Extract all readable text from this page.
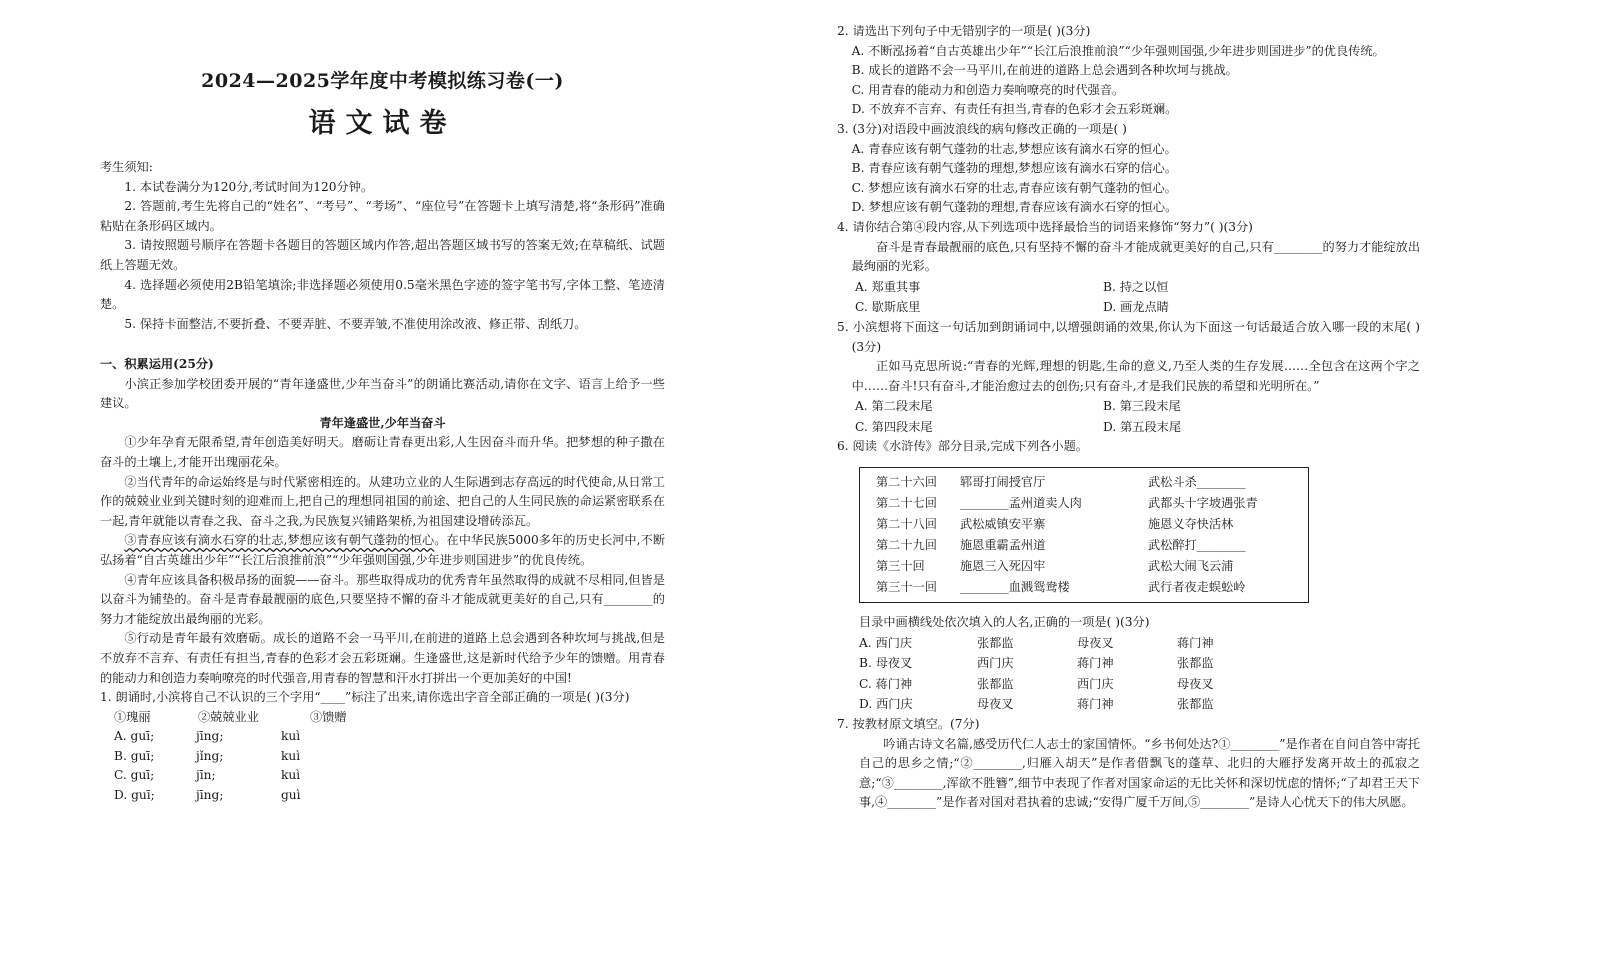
2024—2025学年度中考模拟练习卷(一)
语文试卷

考生须知:

1. 本试卷满分为120分,考试时间为120分钟。

2. 答题前,考生先将自己的“姓名”、“考号”、“考场”、“座位号”在答题卡上填写清楚,将“条形码”准确粘贴在条形码区域内。

3. 请按照题号顺序在答题卡各题目的答题区域内作答,超出答题区域书写的答案无效;在草稿纸、试题纸上答题无效。

4. 选择题必须使用2B铅笔填涂;非选择题必须使用0.5毫米黑色字迹的签字笔书写,字体工整、笔迹清楚。

5. 保持卡面整洁,不要折叠、不要弄脏、不要弄皱,不准使用涂改液、修正带、刮纸刀。

一、积累运用(25分)

小滨正参加学校团委开展的“青年逢盛世,少年当奋斗”的朗诵比赛活动,请你在文字、语言上给予一些建议。

青年逢盛世,少年当奋斗

①少年孕育无限希望,青年创造美好明天。磨砺让青春更出彩,人生因奋斗而升华。把梦想的种子撒在奋斗的土壤上,才能开出瑰丽花朵。

②当代青年的命运始终是与时代紧密相连的。从建功立业的人生际遇到志存高远的时代使命,从日常工作的兢兢业业到关键时刻的迎难而上,把自己的理想同祖国的前途、把自己的人生同民族的命运紧密联系在一起,青年就能以青春之我、奋斗之我,为民族复兴铺路架桥,为祖国建设增砖添瓦。

③青春应该有滴水石穿的壮志,梦想应该有朝气蓬勃的恒心。在中华民族5000多年的历史长河中,不断弘扬着“自古英雄出少年”“长江后浪推前浪”“少年强则国强,少年进步则国进步”的优良传统。

④青年应该具备积极昂扬的面貌——奋斗。那些取得成功的优秀青年虽然取得的成就不尽相同,但皆是以奋斗为铺垫的。奋斗是青春最靓丽的底色,只要坚持不懈的奋斗才能成就更美好的自己,只有________的努力才能绽放出最绚丽的光彩。

⑤行动是青年最有效磨砺。成长的道路不会一马平川,在前进的道路上总会遇到各种坎坷与挑战,但是不放弃不言弃、有责任有担当,青春的色彩才会五彩斑斓。生逢盛世,这是新时代给予少年的馈赠。用青春的能动力和创造力奏响嘹亮的时代强音,用青春的智慧和汗水打拼出一个更加美好的中国!

1. 朗诵时,小滨将自己不认识的三个字用“____”标注了出来,请你选出字音全部正确的一项是( )(3分)

①瑰丽	②兢兢业业	③馈赠
A. guī;	jīng;	kuì
B. guī;	jǐng;	kuì
C. guī;	jīn;	kuì
D. guī;	jīng;	guì

2. 请选出下列句子中无错别字的一项是( )(3分)

A. 不断泓扬着“自古英雄出少年”“长江后浪推前浪”“少年强则国强,少年进步则国进步”的优良传统。

B. 成长的道路不会一马平川,在前进的道路上总会遇到各种坎坷与挑战。

C. 用青春的能动力和创造力奏响嘹亮的时代强音。

D. 不放弃不言弃、有责任有担当,青春的色彩才会五彩斑斓。

3. (3分)对语段中画波浪线的病句修改正确的一项是( )

A. 青春应该有朝气蓬勃的壮志,梦想应该有滴水石穿的恒心。

B. 青春应该有朝气蓬勃的理想,梦想应该有滴水石穿的信心。

C. 梦想应该有滴水石穿的壮志,青春应该有朝气蓬勃的恒心。

D. 梦想应该有朝气蓬勃的理想,青春应该有滴水石穿的恒心。

4. 请你结合第④段内容,从下列选项中选择最恰当的词语来修饰“努力”( )(3分)

奋斗是青春最靓丽的底色,只有坚持不懈的奋斗才能成就更美好的自己,只有________的努力才能绽放出最绚丽的光彩。

A. 郑重其事	B. 持之以恒
C. 歇斯底里	D. 画龙点睛

5. 小滨想将下面这一句话加到朗诵词中,以增强朗诵的效果,你认为下面这一句话最适合放入哪一段的末尾( )(3分)

正如马克思所说:“青春的光辉,理想的钥匙,生命的意义,乃至人类的生存发展……全包含在这两个字之中……奋斗!只有奋斗,才能治愈过去的创伤;只有奋斗,才是我们民族的希望和光明所在。”

A. 第二段末尾	B. 第三段末尾
C. 第四段末尾	D. 第五段末尾

6. 阅读《水浒传》部分目录,完成下列各小题。

第二十六回	郓哥打闹授官厅	武松斗杀________
第二十七回	________孟州道卖人肉	武都头十字坡遇张青
第二十八回	武松威镇安平寨	施恩义夺快活林
第二十九回	施恩重霸孟州道	武松醉打________
第三十回	施恩三入死囚牢	武松大闹飞云浦
第三十一回	________血溅鸳鸯楼	武行者夜走蜈蚣岭

目录中画横线处依次填入的人名,正确的一项是( )(3分)

A. 西门庆	张都监	母夜叉	蒋门神
B. 母夜叉	西门庆	蒋门神	张都监
C. 蒋门神	张都监	西门庆	母夜叉
D. 西门庆	母夜叉	蒋门神	张都监

7. 按教材原文填空。(7分)

吟诵古诗文名篇,感受历代仁人志士的家国情怀。“乡书何处达?①________”是作者在自问自答中寄托自己的思乡之情;“②________,归雁入胡天”是作者借飘飞的蓬草、北归的大雁抒发离开故土的孤寂之意;“③________,浑欲不胜簪”,细节中表现了作者对国家命运的无比关怀和深切忧虑的情怀;“了却君王天下事,④________”是作者对国对君执着的忠诚;“安得广厦千万间,⑤________”是诗人心忧天下的伟大夙愿。
